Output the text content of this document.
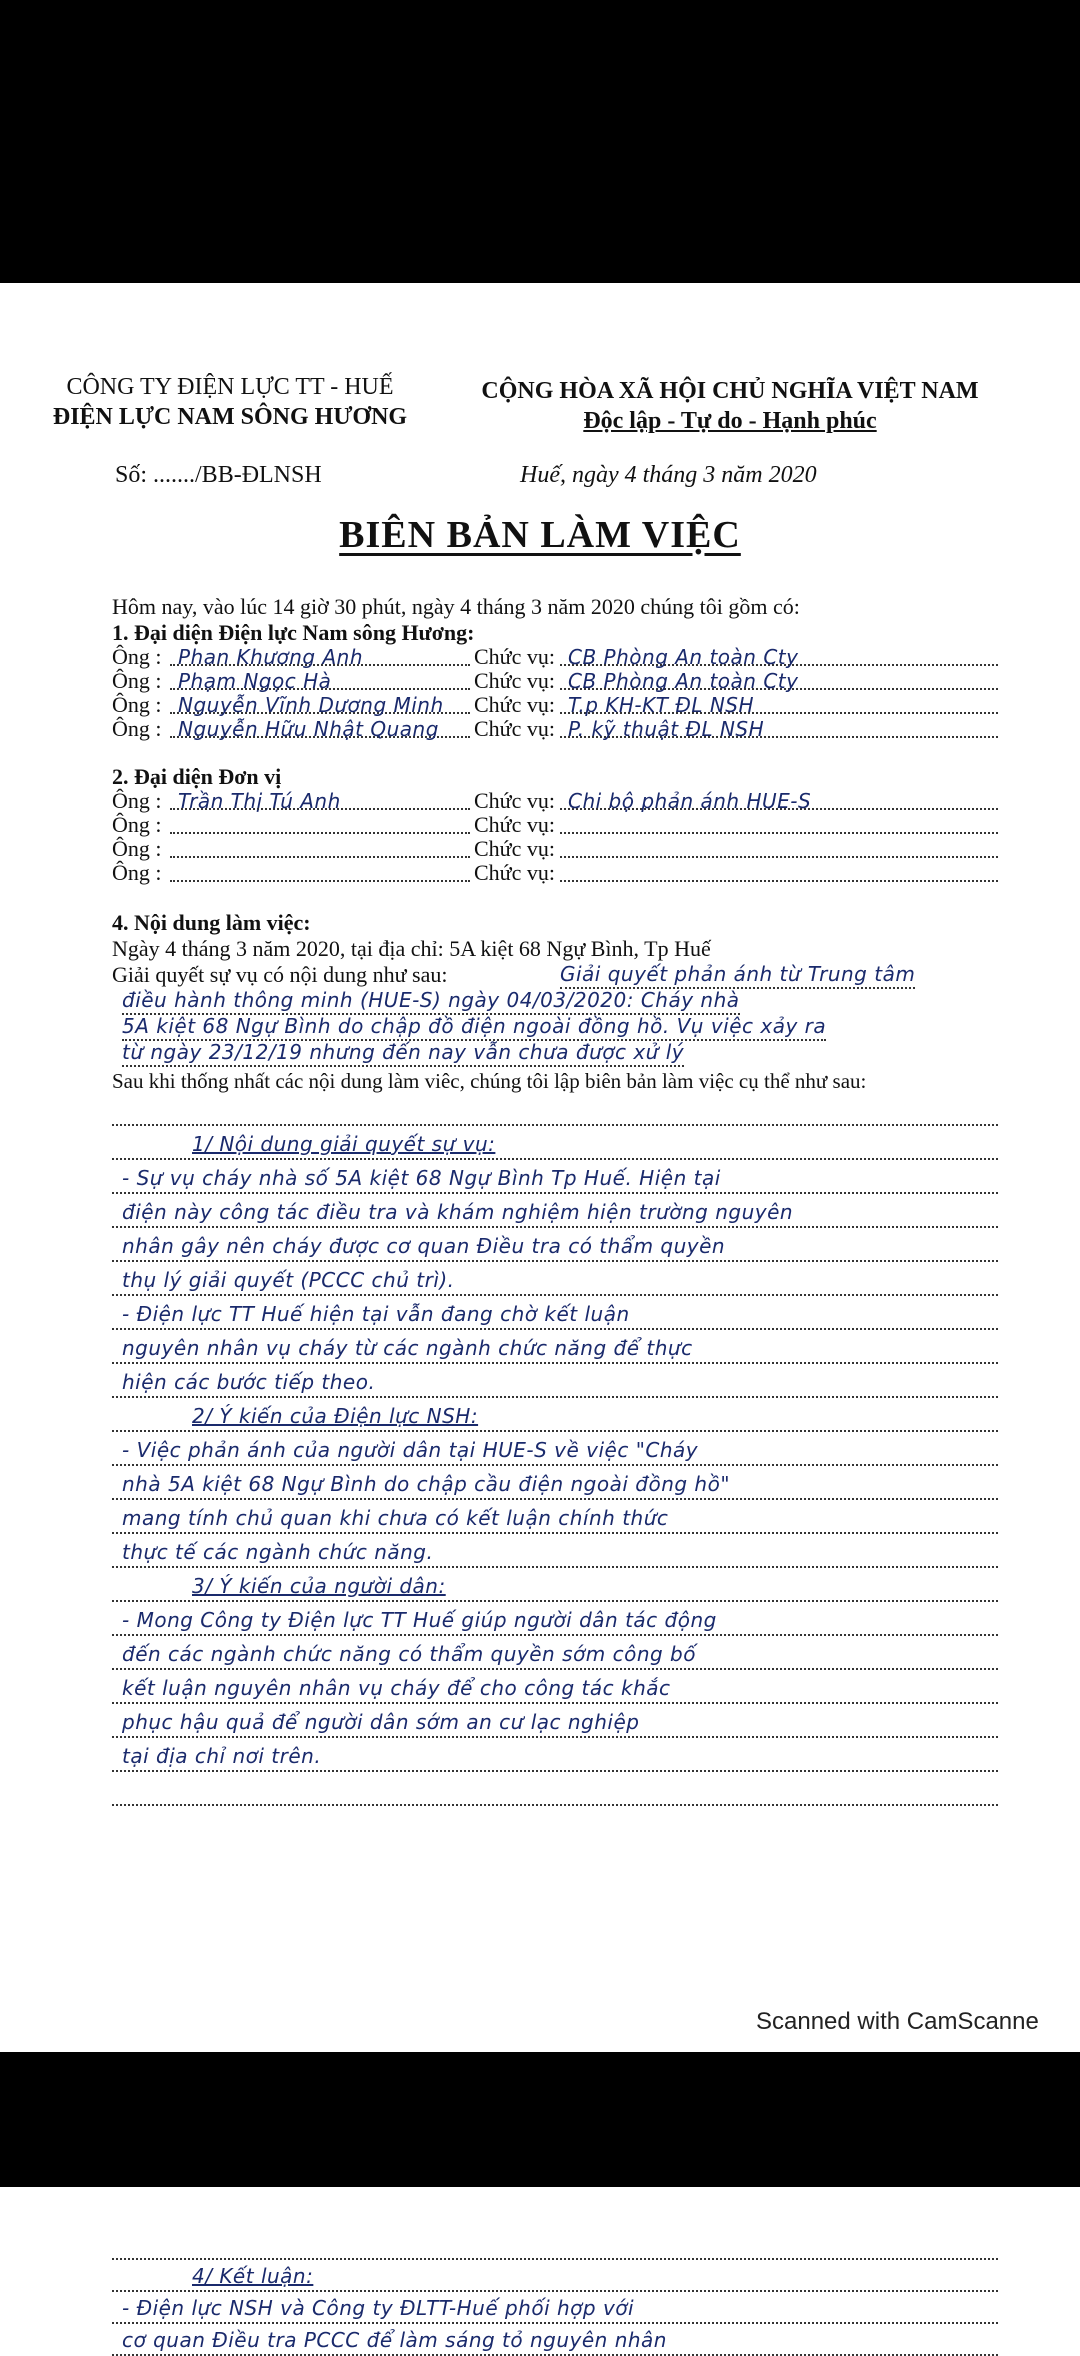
CÔNG TY ĐIỆN LỰC TT - HUẾ
ĐIỆN LỰC NAM SÔNG HƯƠNG
CỘNG HÒA XÃ HỘI CHỦ NGHĨA VIỆT NAM
Độc lập - Tự do - Hạnh phúc
Số: ......./BB-ĐLNSH	Huế, ngày 4 tháng 3 năm 2020
BIÊN BẢN LÀM VIỆC
Hôm nay, vào lúc 14 giờ 30 phút, ngày 4 tháng 3 năm 2020 chúng tôi gồm có:
1. Đại diện Điện lực Nam sông Hương:
Ông : Phan Khương Anh	Chức vụ: CB Phòng An toàn Cty
Ông : Phạm Ngọc Hà	Chức vụ: CB Phòng An toàn Cty
Ông : Nguyễn Vĩnh Dương Minh Chức vụ: T.p KH-KT ĐL NSH
Ông : Nguyễn Hữu Nhật Quang Chức vụ: P. kỹ thuật ĐL NSH
2. Đại diện Đơn vị
Ông : Trần Thị Tú Anh	Chức vụ: Chi bộ phản ánh HUE-S
Ông :	Chức vụ:
Ông :	Chức vụ:
Ông :	Chức vụ:
4. Nội dung làm việc:
Ngày 4 tháng 3 năm 2020, tại địa chỉ: 5A kiệt 68 Ngự Bình, Tp Huế
Giải quyết sự vụ có nội dung như sau:	Giải quyết phản ánh từ Trung tâm
điều hành thông minh (HUE-S) ngày 04/03/2020: Cháy nhà
5A kiệt 68 Ngự Bình do chập đồ điện ngoài đồng hồ. Vụ việc xảy ra
từ ngày 23/12/19 nhưng đến nay vẫn chưa được xử lý
Sau khi thống nhất các nội dung làm viêc, chúng tôi lập biên bản làm việc cụ thể như sau:
1/ Nội dung giải quyết sự vụ:
- Sự vụ cháy nhà số 5A kiệt 68 Ngự Bình Tp Huế. Hiện tại
điện này công tác điều tra và khám nghiệm hiện trường nguyên
nhân gây nên cháy được cơ quan Điều tra có thẩm quyền
thụ lý giải quyết (PCCC chủ trì).
- Điện lực TT Huế hiện tại vẫn đang chờ kết luận
nguyên nhân vụ cháy từ các ngành chức năng để thực
hiện các bước tiếp theo.
2/ Ý kiến của Điện lực NSH:
- Việc phản ánh của người dân tại HUE-S về việc "Cháy
nhà 5A kiệt 68 Ngự Bình do chập cầu điện ngoài đồng hồ"
mang tính chủ quan khi chưa có kết luận chính thức
thực tế các ngành chức năng.
3/ Ý kiến của người dân:
- Mong Công ty Điện lực TT Huế giúp người dân tác động
đến các ngành chức năng có thẩm quyền sớm công bố
kết luận nguyên nhân vụ cháy để cho công tác khắc
phục hậu quả để người dân sớm an cư lạc nghiệp
tại địa chỉ nơi trên.
Scanned with CamScanne
4/ Kết luận:
- Điện lực NSH và Công ty ĐLTT-Huế phối hợp với
cơ quan Điều tra PCCC để làm sáng tỏ nguyên nhân
